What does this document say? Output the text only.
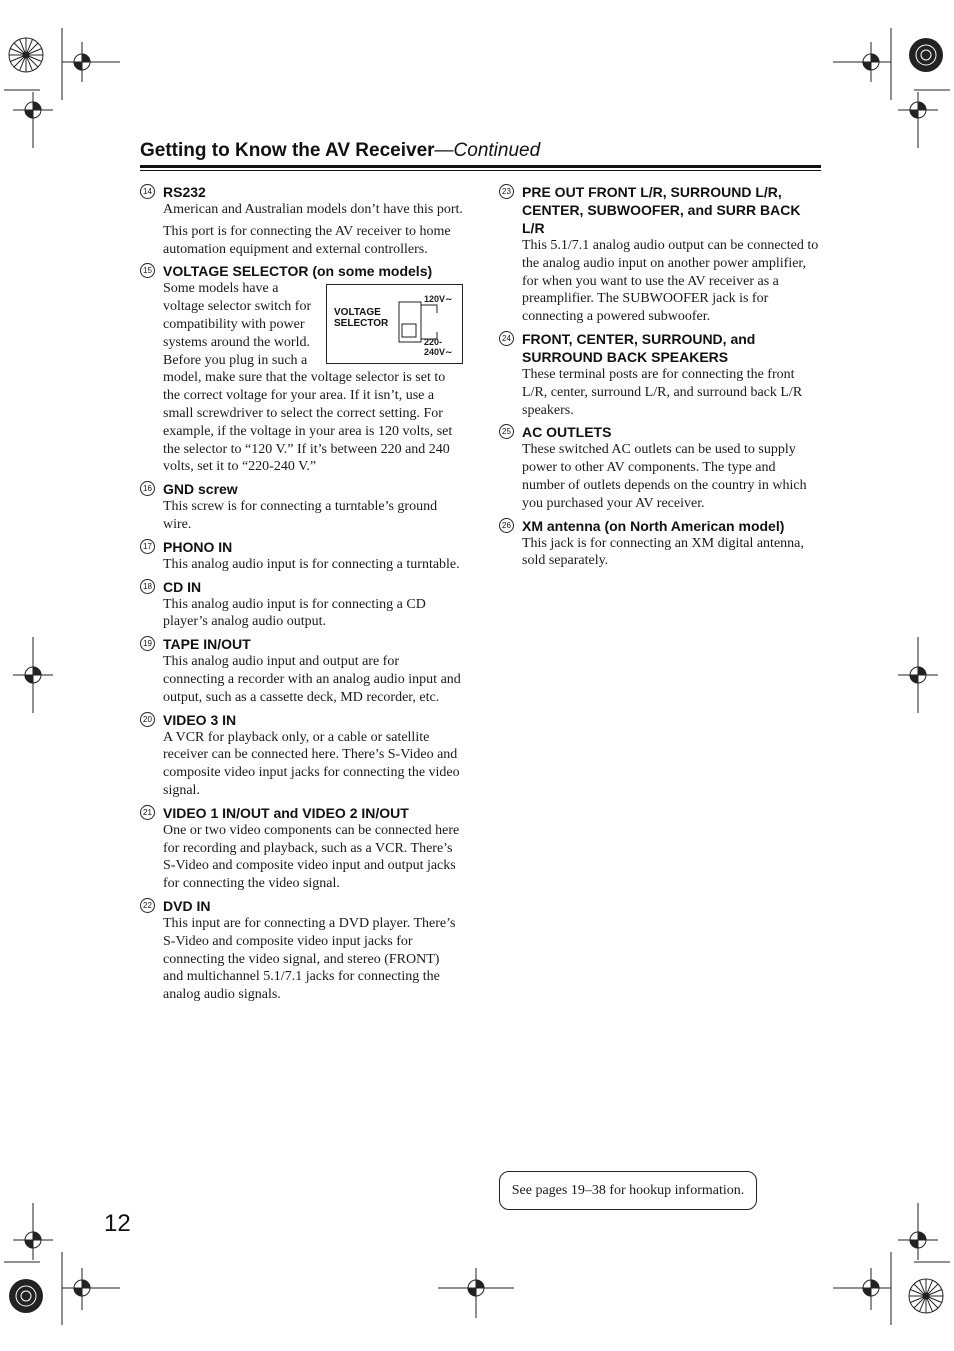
Getting to Know the AV Receiver—Continued
14 RS232

American and Australian models don’t have this port.

This port is for connecting the AV receiver to home automation equipment and external controllers.

15 VOLTAGE SELECTOR (on some models)
VOLTAGE SELECTOR
120V∼
220-240V∼

Some models have a voltage selector switch for compatibility with power systems around the world. Before you plug in such a model, make sure that the voltage selector is set to the correct voltage for your area. If it isn’t, use a small screwdriver to select the correct setting. For example, if the voltage in your area is 120 volts, set the selector to “120 V.” If it’s between 220 and 240 volts, set it to “220-240 V.”

16 GND screw

This screw is for connecting a turntable’s ground wire.

17 PHONO IN

This analog audio input is for connecting a turntable.

18 CD IN

This analog audio input is for connecting a CD player’s analog audio output.

19 TAPE IN/OUT

This analog audio input and output are for connecting a recorder with an analog audio input and output, such as a cassette deck, MD recorder, etc.

20 VIDEO 3 IN

A VCR for playback only, or a cable or satellite receiver can be connected here. There’s S-Video and composite video input jacks for connecting the video signal.

21 VIDEO 1 IN/OUT and VIDEO 2 IN/OUT

One or two video components can be connected here for recording and playback, such as a VCR. There’s S-Video and composite video input and output jacks for connecting the video signal.

22 DVD IN

This input are for connecting a DVD player. There’s S-Video and composite video input jacks for connecting the video signal, and stereo (FRONT) and multichannel 5.1/7.1 jacks for connecting the analog audio signals.

23 PRE OUT FRONT L/R, SURROUND L/R, CENTER, SUBWOOFER, and SURR BACK L/R

This 5.1/7.1 analog audio output can be connected to the analog audio input on another power amplifier, for when you want to use the AV receiver as a preamplifier. The SUBWOOFER jack is for connecting a powered subwoofer.

24 FRONT, CENTER, SURROUND, and SURROUND BACK SPEAKERS

These terminal posts are for connecting the front L/R, center, surround L/R, and surround back L/R speakers.

25 AC OUTLETS

These switched AC outlets can be used to supply power to other AV components. The type and number of outlets depends on the country in which you purchased your AV receiver.

26 XM antenna (on North American model)

This jack is for connecting an XM digital antenna, sold separately.

See pages 19–38 for hookup information.
12
